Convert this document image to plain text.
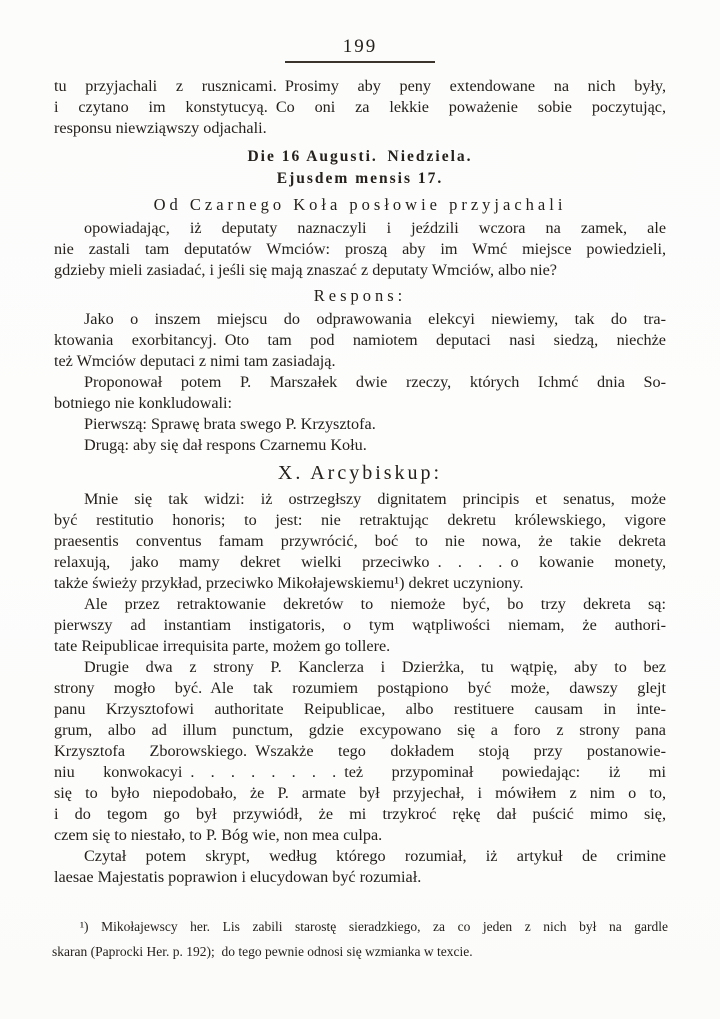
199
tu przyjachali z rusznicami. Prosimy aby peny extendowane na nich były,
i czytano im konstytucyą. Co oni za lekkie poważenie sobie poczytując,
responsu niewziąwszy odjachali.
Die 16 Augusti. Niedziela.
Ejusdem mensis 17.
Od Czarnego Koła posłowie przyjachali
opowiadając, iż deputaty naznaczyli i jeździli wczora na zamek, ale
nie zastali tam deputatów Wmciów: proszą aby im Wmć miejsce powiedzieli,
gdzieby mieli zasiadać, i jeśli się mają znaszać z deputaty Wmciów, albo nie?
Respons:
Jako o inszem miejscu do odprawowania elekcyi niewiemy, tak do tra-
ktowania exorbitancyj. Oto tam pod namiotem deputaci nasi siedzą, niechże
też Wmciów deputaci z nimi tam zasiadają.
Proponował potem P. Marszałek dwie rzeczy, których Ichmć dnia So-
botniego nie konkludowali:
Pierwszą: Sprawę brata swego P. Krzysztofa.
Drugą: aby się dał respons Czarnemu Kołu.
X. Arcybiskup:
Mnie się tak widzi: iż ostrzegłszy dignitatem principis et senatus, może
być restitutio honoris; to jest: nie retraktując dekretu królewskiego, vigore
praesentis conventus famam przywrócić, boć to nie nowa, że takie dekreta
relaxują, jako mamy dekret wielki przeciwko . . . . o kowanie monety,
także świeży przykład, przeciwko Mikołajewskiemu¹) dekret uczyniony.
Ale przez retraktowanie dekretów to niemoże być, bo trzy dekreta są:
pierwszy ad instantiam instigatoris, o tym wątpliwości niemam, że authori-
tate Reipublicae irrequisita parte, możem go tollere.
Drugie dwa z strony P. Kanclerza i Dzierżka, tu wątpię, aby to bez
strony mogło być. Ale tak rozumiem postąpiono być może, dawszy glejt
panu Krzysztofowi authoritate Reipublicae, albo restituere causam in inte-
grum, albo ad illum punctum, gdzie excypowano się a foro z strony pana
Krzysztofa Zborowskiego. Wszakże tego dokładem stoją przy postanowie-
niu konwokacyi . . . . . . . . też przypominał powiedając: iż mi
się to było niepodobało, że P. armate był przyjechał, i mówiłem z nim o to,
i do tegom go był przywiódł, że mi trzykroć rękę dał puścić mimo się,
czem się to niestało, to P. Bóg wie, non mea culpa.
Czytał potem skrypt, według którego rozumiał, iż artykuł de crimine
laesae Majestatis poprawion i elucydowan być rozumiał.
¹) Mikołajewscy her. Lis zabili starostę sieradzkiego, za co jeden z nich był na gardle
skaran (Paprocki Her. p. 192); do tego pewnie odnosi się wzmianka w texcie.
